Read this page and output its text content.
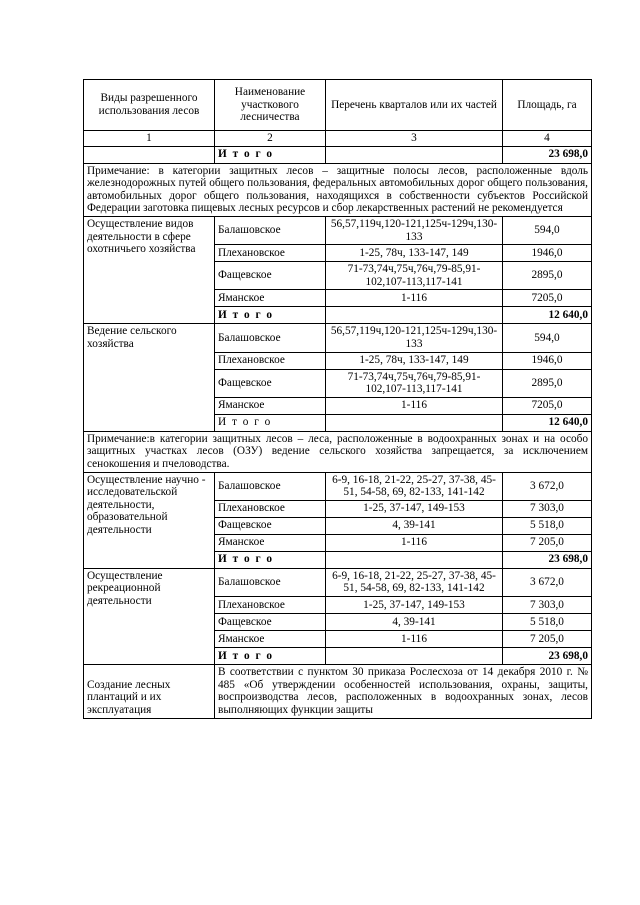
Виды разрешенного использования лесов	Наименование участкового лесничества	Перечень кварталов или их частей	Площадь, га
1	2	3	4
	И т о г о		23 698,0
Примечание: в категории защитных лесов – защитные полосы лесов, расположенные вдоль железнодорожных путей общего пользования, федеральных автомобильных дорог общего пользования, автомобильных дорог общего пользования, находящихся в собственности субъектов Российской Федерации заготовка пищевых лесных ресурсов и сбор лекарственных растений не рекомендуется			
Осуществление видов деятельности в сфере охотничьего хозяйства	Балашовское	56,57,119ч,120-121,125ч-129ч,130-133	594,0
	Плехановское	1-25, 78ч, 133-147, 149	1946,0
	Фащевское	71-73,74ч,75ч,76ч,79-85,91-102,107-113,117-141	2895,0
	Яманское	1-116	7205,0
	И т о г о		12 640,0
Ведение сельского хозяйства	Балашовское	56,57,119ч,120-121,125ч-129ч,130-133	594,0
	Плехановское	1-25, 78ч, 133-147, 149	1946,0
	Фащевское	71-73,74ч,75ч,76ч,79-85,91-102,107-113,117-141	2895,0
	Яманское	1-116	7205,0
	И т о г о		12 640,0
Примечание:в категории защитных лесов – леса, расположенные в водоохранных зонах и на особо защитных участках лесов (ОЗУ) ведение сельского хозяйства запрещается, за исключением сенокошения и пчеловодства.			
Осуществление научно - исследовательской деятельности, образовательной деятельности	Балашовское	6-9, 16-18, 21-22, 25-27, 37-38, 45-51, 54-58, 69, 82-133, 141-142	3 672,0
	Плехановское	1-25, 37-147, 149-153	7 303,0
	Фащевское	4, 39-141	5 518,0
	Яманское	1-116	7 205,0
	И т о г о		23 698,0
Осуществление рекреационной деятельности	Балашовское	6-9, 16-18, 21-22, 25-27, 37-38, 45-51, 54-58, 69, 82-133, 141-142	3 672,0
	Плехановское	1-25, 37-147, 149-153	7 303,0
	Фащевское	4, 39-141	5 518,0
	Яманское	1-116	7 205,0
	И т о г о		23 698,0
Создание лесных плантаций и их эксплуатация	В соответствии с пунктом 30 приказа Рослесхоза от 14 декабря 2010 г. № 485 «Об утверждении особенностей использования, охраны, защиты, воспроизводства лесов, расположенных в водоохранных зонах, лесов выполняющих функции защиты		
